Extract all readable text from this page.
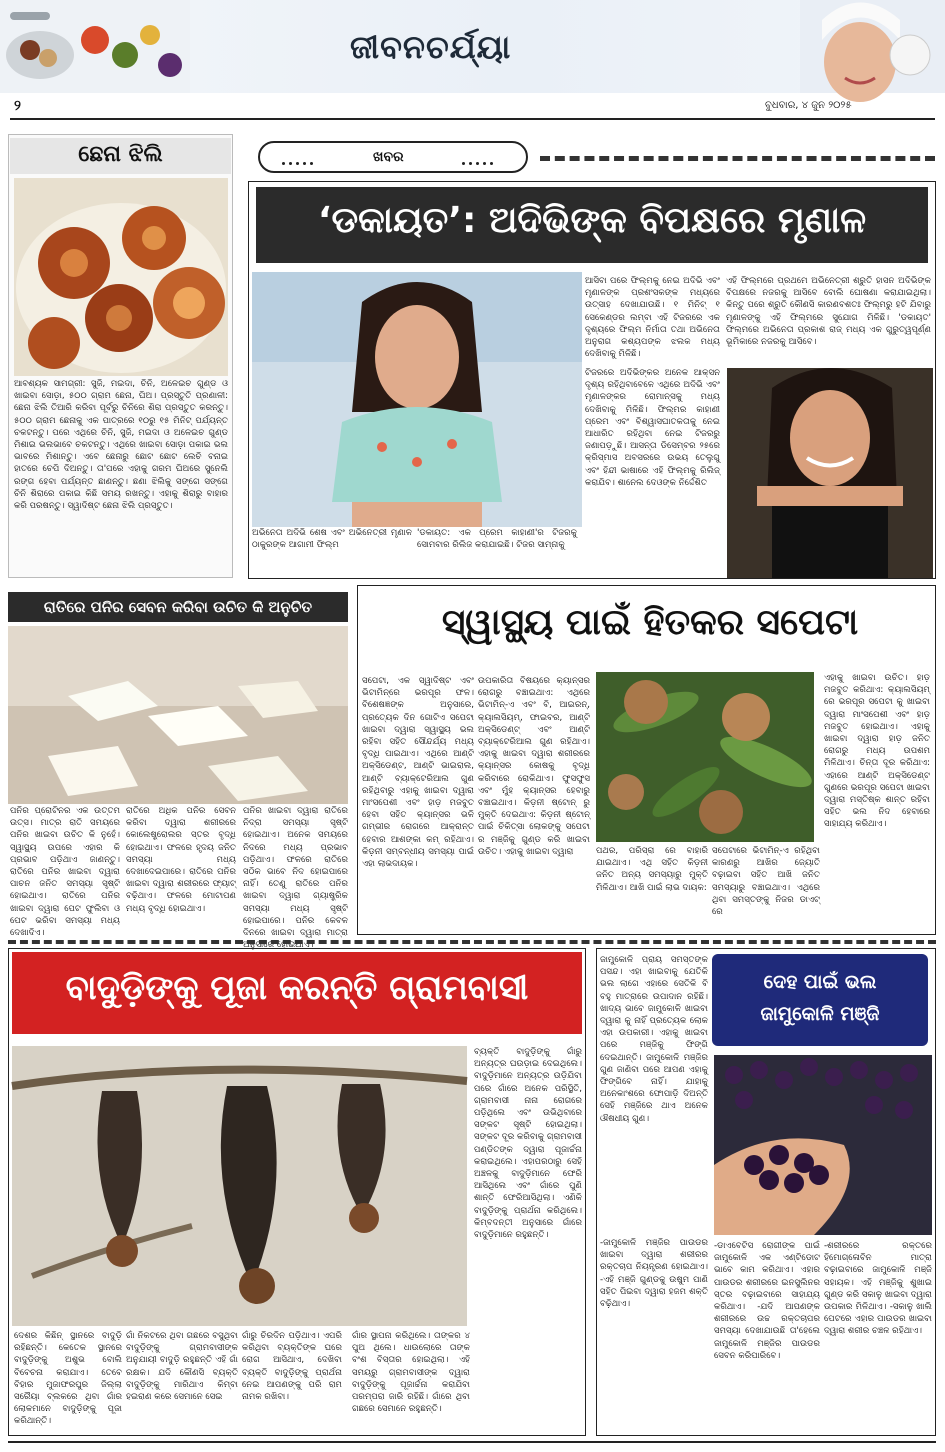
ଜୀବନଚର୍ଯ୍ୟା
୨	ବୁଧବାର, ୪ ଜୁନ ୨୦୨୫
ଛେନା ଝିଲି
ଆବଶ୍ୟକ ସାମଗ୍ରୀ: ସୁଜି, ମଇଦା, ଚିନି, ଅଳେଇଚ ଗୁଣ୍ଡ ଓ ଖାଇବା ସୋଡ଼ା, ୫୦୦ ଗ୍ରାମ ଛେନା, ଘିଅ। ପ୍ରସ୍ତୁତି ପ୍ରଣାଳୀ: ଛେନା ଝିଲି ତିଆରି କରିବା ପୂର୍ବରୁ ଚିନିରେ ଶିରା ପ୍ରସ୍ତୁତ କରନ୍ତୁ। ୫୦୦ ଗ୍ରାମ ଛେନାକୁ ଏକ ପାତ୍ରରେ ୧୦ରୁ ୧୫ ମିନିଟ୍ ପର୍ଯ୍ୟନ୍ତ ଚକଟନ୍ତୁ। ପରେ ଏଥିରେ ଚିନି, ସୁଜି, ମଇଦା ଓ ଅଳେଇଚ ଗୁଣ୍ଡ ମିଶାଇ ଭଲଭାବେ ଚକଟନ୍ତୁ। ଏଥିରେ ଖାଇବା ସୋଡ଼ା ପକାଇ ଭଲ ଭାବରେ ମିଶାନ୍ତୁ। ଏବେ ଛେନାରୁ ଛୋଟ ଛୋଟ ଲେଚି ବନାଇ ହାତରେ ଚେପି ଦିଅନ୍ତୁ। ତା'ପରେ ଏହାକୁ ଗରମ ଘିଅରେ ସୁନେଲି ରଙ୍ଗ ହେବା ପର୍ଯ୍ୟନ୍ତ ଛାଣନ୍ତୁ। ଛଣା ଝିଲିକୁ ସଙ୍ଗେ ସଙ୍ଗେ ଚିନି ଶିରାରେ ପକାଇ କିଛି ସମୟ ରଖନ୍ତୁ। ଏହାକୁ ଶିରାରୁ ବାହାର କରି ପରଷନ୍ତୁ। ସ୍ୱାଦିଷ୍ଟ ଛେନା ଝିଲି ପ୍ରସ୍ତୁତ।
ଖବର
‘ଡକାୟତ’: ଅଦିଭିଙ୍କ ବିପକ୍ଷରେ ମୃଣାଳ
ଅଭିନେତା ଅଦିଭି ଶେଷ ଏବଂ ଅଭିନେତ୍ରୀ ମୃଣାଳ ଠାକୁରଙ୍କ ଆଗାମୀ ଫିଲ୍ମ
'ଡକାୟତ: ଏକ ପ୍ରେମ କାହାଣୀ'ର ଟିଜରକୁ ସୋମବାର ରିଲିଜ କରାଯାଇଛି। ଟିଜର ସାମ୍ନାକୁ
ଆସିବା ପରେ ଫିଲ୍ମକୁ ନେଇ ଅଦିଭି ଏବଂ ମୃଣାଳଙ୍କ ପ୍ରଶଂସକଙ୍କ ମଧ୍ୟରେ ଉତ୍ସାହ ଦେଖାଯାଉଛି। ୧ ମିନିଟ୍ ୧ ସେକେଣ୍ଡର ଲମ୍ବା ଏହି ଟିଜରରେ ଏକ ଦୃଶ୍ୟରେ ଫିଲ୍ମ ନିର୍ମାତା ତଥା ଅଭିନେତା ଅନୁରାଗ କଶ୍ୟପଙ୍କ ଝଲକ ମଧ୍ୟ ଦେଖିବାକୁ ମିଳିଛି।
ଟିଜରରେ ଅଦିଭିଙ୍କର ଅନେକ ଆକ୍ସନ ଦୃଶ୍ୟ ରହିଥିବାବେଳେ ଏଥିରେ ଅଦିଭି ଏବଂ ମୃଣାଳଙ୍କର ରୋମାନ୍ସକୁ ମଧ୍ୟ ଦେଖିବାକୁ ମିଳିଛି। ଫିଲ୍ମର କାହାଣୀ ପ୍ରେମ ଏବଂ ବିଶ୍ୱାସଘାତକତାକୁ ନେଇ ଆଧାରିତ ରହିଥିବା ନେଇ ଟିଜରରୁ ଜଣାପଡ଼ୁଛି। ଆସନ୍ତା ଡିସେମ୍ବର ୨୫ରେ କ୍ରିସ୍ମାସ ଅବସରରେ ଉଭୟ ତେଲୁଗୁ ଏବଂ ହିନ୍ଦୀ ଭାଷାରେ ଏହି ଫିଲ୍ମକୁ ରିଲିଜ୍ କରାଯିବ। ଶାନେଲ ଦେଓଙ୍କ ନିର୍ଦ୍ଦେଶିତ
ଏହି ଫିଲ୍ମରେ ପ୍ରଥମେ ଅଭିନେତ୍ରୀ ଶ୍ରୁତି ହାସନ ଅଦିଭିଙ୍କ ବିପକ୍ଷରେ ନଜରକୁ ଆସିବେ ବୋଲି ଘୋଷଣା କରାଯାଇଥିଲା। କିନ୍ତୁ ପରେ ଶ୍ରୁତି କୌଣସି କାରଣବଶତଃ ଫିଲ୍ମରୁ ହଟି ଯିବାରୁ ମୃଣାଳଙ୍କୁ ଏହି ଫିଲ୍ମରେ ସୁଯୋଗ ମିଳିଛି। 'ଡକାୟତ' ଫିଲ୍ମରେ ଅଭିନେତା ପ୍ରକାଶ ରାଜ୍ ମଧ୍ୟ ଏକ ଗୁରୁତ୍ୱପୂର୍ଣ୍ଣ ଭୂମିକାରେ ନଜରକୁ ଆସିବେ।
ରାତିରେ ପନିର ସେବନ କରିବା ଉଚିତ କି ଅନୁଚିତ
ପନିର ପ୍ରୋଟିନର ଏକ ଉତ୍ତମ ଉତ୍ସ। ମାତ୍ର ରାତି ସମୟରେ ପନିର ଖାଇବା ଉଚିତ କି ନୁହେଁ। ସ୍ୱାସ୍ଥ୍ୟ ଉପରେ ଏହାର କି ପ୍ରଭାବ ପଡ଼ିଥାଏ ଜାଣନ୍ତୁ। ରାତିରେ ପନିର ଖାଇବା ଦ୍ୱାରା ପାଚନ ଜନିତ ସମସ୍ୟା ସୃଷ୍ଟି ହୋଇଥାଏ। ରାତିରେ ପନିର ଖାଇବା ଦ୍ୱାରା ପେଟ ଫୁଲିବା ଓ ପେଟ ଭରିବା ସମସ୍ୟା ମଧ୍ୟ ଦେଖାଦିଏ।
ରାତିରେ ଅଧିକ ପନିର ସେବନ କରିବା ଦ୍ୱାରା ଶରୀରରେ କୋଲେଷ୍ଟ୍ରୋଲର ସ୍ତର ବୃଦ୍ଧି ହୋଇଥାଏ। ଫଳରେ ହୃଦୟ ଜନିତ ସମସ୍ୟା ମଧ୍ୟ ଦେଖାଦେଇପାରେ। ରାତିରେ ପନିର ଖାଇବା ଦ୍ୱାରା ଶରୀରରେ ଫ୍ୟାଟ୍ ବଢ଼ିଥାଏ। ଫଳରେ ମୋଟାପଣ ମଧ୍ୟ ବୃଦ୍ଧି ହୋଇଥାଏ।
ପନିର ଖାଇବା ଦ୍ୱାରା ରାତିରେ ନିଦ୍ରା ସମସ୍ୟା ସୃଷ୍ଟି ହୋଇଥାଏ। ଅନେକ ସମୟରେ ନିଦରେ ମଧ୍ୟ ପ୍ରଭାବ ପଡ଼ିଥାଏ। ଫଳରେ ରାତିରେ ସଠିକ ଭାବେ ନିଦ ହୋଇପାରେ ନାହିଁ। ତେଣୁ ରାତିରେ ପନିର ଖାଇବା ଦ୍ୱାରା ଗ୍ୟାଷ୍ଟ୍ରିକ ସମସ୍ୟା ମଧ୍ୟ ସୃଷ୍ଟି ହୋଇପାରେ। ପନିର କେବଳ ଦିନରେ ଖାଇବା ଦ୍ୱାରା ମାତ୍ରା ଅନୁସାରେ ହୋଇଥାଏ।
ସ୍ୱାସ୍ଥ୍ୟ ପାଇଁ ହିତକର ସପେଟା
ସପେଟା, ଏକ ସ୍ୱାଦିଷ୍ଟ ଏବଂ ଭିଟାମିନ୍‌ରେ ଭରପୂର ଫଳ। ବିଶେଷଜ୍ଞଙ୍କ ଅନୁସାରେ, ପ୍ରତ୍ୟେକ ଦିନ ଗୋଟିଏ ସପେଟା ଖାଇବା ଦ୍ୱାରା ସ୍ୱାସ୍ଥ୍ୟ ଭଲ ରହିବା ସହିତ ସୌନ୍ଦର୍ଯ୍ୟ ମଧ୍ୟ ବୃଦ୍ଧି ପାଇଥାଏ। ଏଥିରେ ଆଣ୍ଟି ଅକ୍ସିଡେଣ୍ଟ, ଆଣ୍ଟି ଭାଇରାଲ, ଆଣ୍ଟି ବ୍ୟାକ୍ଟେରିଆଲ ଗୁଣ ରହିଥିବାରୁ ଏହାକୁ ଖାଇବା ଦ୍ୱାରା ମାଂସପେଶୀ ଏବଂ ହାଡ଼ ମଜବୁତ ହେବା ସହିତ କ୍ୟାନ୍ସର ଭଳି ଗମ୍ଭୀର ରୋଗରେ ଆକ୍ରାନ୍ତ ହେବାର ଆଶଙ୍କା କମ୍ ରହିଥାଏ। କିଡ଼ନୀ ସମ୍ବନ୍ଧୀୟ ସମସ୍ୟା ପାଇଁ ଏହା ଲାଭଦାୟକ।
ଉପକାରିତା ବିଷୟରେ କ୍ୟାନ୍ସର ରୋଗରୁ ବଞ୍ଚାଇଥାଏ: ଏଥିରେ ଭିଟାମିନ୍-ଏ ଏବଂ ବି, ଆଇରନ୍, କ୍ୟାଲସିୟମ୍, ଫାଇବର, ଆଣ୍ଟି ଅକ୍ସିଡେଣ୍ଟ୍ ଏବଂ ଆଣ୍ଟି ବ୍ୟାକ୍ଟେରିଆଲ ଗୁଣ ରହିଥାଏ। ଏହାକୁ ଖାଇବା ଦ୍ୱାରା ଶରୀରରେ କ୍ୟାନ୍ସର କୋଷକୁ ବୃଦ୍ଧି କରିବାରେ ରୋକିଥାଏ। ଫୁସଫୁସ ଏବଂ ମୁଁହ କ୍ୟାନ୍ସର ହେବାରୁ ବଞ୍ଚାଇଥାଏ। କିଡ଼ନୀ ଷ୍ଟୋନ୍ ରୁ ମୁକ୍ତି ଦେଇଥାଏ: କିଡ଼ନୀ ଷ୍ଟୋନ୍ ପାଇଁ ଚିକିତ୍ସା ଲୋକଙ୍କୁ ସପେଟା ର ମଞ୍ଜିକୁ ଗୁଣ୍ଡ କରି ଖାଇବା ଉଚିତ। ଏହାକୁ ଖାଇବା ଦ୍ୱାରା	ପଥର, ପରିସ୍ରା ରେ ବାହାରି ଯାଇଥାଏ। ଏଥି ସହିତ କିଡ଼ନୀ ଜନିତ ଅନ୍ୟ ସମସ୍ୟାରୁ ମୁକ୍ତି ମିଳିଥାଏ। ଆଖି ପାଇଁ ଲାଭ ଦାୟକ:
ସପେଟାରେ ଭିଟାମିନ୍-ଏ ରହିଥିବା କାରଣରୁ ଆଖିର ଜ୍ୟୋତି ବଢ଼ାଇବା ସହିତ ଆଖି ଜନିତ ସମସ୍ୟାରୁ ବଞ୍ଚାଇଥାଏ। ଏଥିରେ ଥିବା ସମସ୍ତଙ୍କୁ ନିଜର ଡାଏଟ୍ ରେ
ଏହାକୁ ଖାଇବା ଉଚିତ। ହାଡ଼ ମଜବୁତ କରିଥାଏ: କ୍ୟାଲସିୟମ୍ ରେ ଭରପୂର ସପେଟା କୁ ଖାଇବା ଦ୍ୱାରା ମାଂସପେଶୀ ଏବଂ ହାଡ଼ ମଜବୁତ ହୋଇଥାଏ। ଏହାକୁ ଖାଇବା ଦ୍ୱାରା ହାଡ଼ ଜନିତ ରୋଗରୁ ମଧ୍ୟ ଉପଶମ ମିଳିଥାଏ। ଚିନ୍ତା ଦୂର କରିଥାଏ: ଏହାରେ ଆଣ୍ଟି ଅକ୍ସିଡେଣ୍ଟ ଗୁଣରେ ଭରପୂର ସପେଟା ଖାଇବା ଦ୍ୱାରା ମସ୍ତିଷ୍କ ଶାନ୍ତ ରହିବା ସହିତ ଭଲ ନିଦ ହେବାରେ ସାହାଯ୍ୟ କରିଥାଏ।
ବାଦୁଡ଼ିଙ୍କୁ ପୂଜା କରନ୍ତି ଗ୍ରାମବାସୀ
ଦେଶର କିଛିନ୍ ସ୍ଥାନରେ ବାଦୁଡ଼ି ରହିଛନ୍ତି। କେତେକ ସ୍ଥାନରେ ବାଦୁଡ଼ିଙ୍କୁ ଅଶୁଭ ବୋଲି ବିବେଚନା କରାଯାଏ। ତେବେ ବିହାର ମୁଜାଫରପୁର ଜିଲ୍ଲା ସରୈୟା ବ୍ଲକରେ ଥିବା ଗାଁର ଲୋକମାନେ ବାଦୁଡ଼ିଙ୍କୁ ପୂଜା କରିଥାନ୍ତି।
ଗାଁ ନିକଟରେ ଥିବା ଗଛରେ ବସୁଥିବା ବାଦୁଡ଼ିଙ୍କୁ ଗ୍ରାମବାସୀଙ୍କ ଅନୁଯାୟୀ ବାଦୁଡ଼ି ରହୁଛନ୍ତି ଏହି ଗାଁ ରକ୍ଷକ। ଯଦି କୌଣସି ବ୍ୟକ୍ତି ବାଦୁଡ଼ିଙ୍କୁ ମାରିଥାଏ କିମ୍ବା ହଇରାଣ କରେ ସେମାନେ ସେଇ
ଗାଁରୁ ଚିରଦିନ ପଡ଼ିଥାଏ। ଏପରି କରିଥିବା ବ୍ୟକ୍ତିଙ୍କ ଘରେ ରୋଗ ଆସିଥାଏ, ଦେଖିବା ବ୍ୟକ୍ତି ବାଦୁଡ଼ିଙ୍କୁ ପ୍ରାର୍ଥନା ନେଇ ଆପଣଙ୍କୁ ପରି ରାମ ନାମକ ରଖିବା।
ଗାଁର ସ୍ଥାପନା କରିଥିଲେ। ତାଙ୍କର ୪ ପୁଅ ଥିଲେ। ଧାଉଲୋରେ ତାଙ୍କ ବଂଶ ବିସ୍ତାର ହୋଇଥିଲା। ଏହି ସମୟରୁ ଗ୍ରାମବାସୀଙ୍କ ଦ୍ୱାରା ବାଦୁଡ଼ିଙ୍କୁ ପୂଜାର୍ଚ୍ଚନା କରାଯିବା ପରମ୍ପରା ଜାରି ରହିଛି। ଗାଁରେ ଥିବା ଗଛରେ ସେମାନେ ରହୁଛନ୍ତି।
ବ୍ୟକ୍ତି ବାଦୁଡ଼ିଙ୍କୁ ଗାଁରୁ ଅନ୍ୟତ୍ର ଘଉଡ଼ାଇ ଦେଇଥିଲେ। ବାଦୁଡ଼ିମାନେ ଅନ୍ୟତ୍ର ଉଡ଼ିଯିବା ପରେ ଗାଁରେ ଅନେକ ପରିସ୍ଥିତି, ଗ୍ରାମବାସୀ ନାନା ରୋଗରେ ପଡ଼ିଥିଲେ ଏବଂ ଉଭିଥିବାରେ ସଙ୍କଟ ସୃଷ୍ଟି ହୋଇଥିଲା। ସଙ୍କଟ ଦୂର କରିବାକୁ ଗ୍ରାମବାସୀ ପଣ୍ଡିତଙ୍କ ଦ୍ୱାରା ପୂଜାର୍ଚ୍ଚନା କରାଇଥିଲେ। ଏହାପରଠାରୁ ସେହି ଅଞ୍ଚଳକୁ ବାଦୁଡ଼ିମାନେ ଫେରି ଆସିଥିଲେ ଏବଂ ଗାଁରେ ପୁଣି ଶାନ୍ତି ଫେରିଆସିଥିଲା। ଏଣିକି ବାଦୁଡ଼ିଙ୍କୁ ପ୍ରାର୍ଥନା କରିଥିଲେ। କିମ୍ବଦନ୍ତୀ ଅନୁସାରେ ଗାଁରେ ବାଦୁଡ଼ିମାନେ ରହୁଛନ୍ତି।
ଦେହ ପାଇଁ ଭଲ
ଜାମୁକୋଳି ମଞ୍ଜି
ଜାମୁକୋଳି ପ୍ରାୟ ସମସ୍ତଙ୍କ ପସନ୍ଦ। ଏହା ଖାଇବାକୁ ଯେତିକି ଭଲ ଲାଗେ ଏହାରେ ସେତିକି ବି ବହୁ ମାତ୍ରାରେ ଉପାଦାନ ରହିଛି। ଖାଦ୍ୟ ଭାବେ ଜାମୁକୋଳି ଖାଇବା ଦ୍ୱାରା କୁ ନାହିଁ ପ୍ରତ୍ୟେକ ଲୋକ ଏହା ଉପକାରୀ। ଏହାକୁ ଖାଇବା ପରେ ମଞ୍ଜିକୁ ଫିଙ୍ଗି ଦେଇଥାନ୍ତି। ଜାମୁକୋଳି ମଞ୍ଜିର ଗୁଣ ଜାଣିବା ପରେ ଆପଣ ଏହାକୁ ଫିଙ୍ଗିବେ ନାହିଁ। ଯାହାକୁ ଅନେକାଂଶରେ ଫୋପାଡ଼ି ଦିଅନ୍ତି ସେହି ମଞ୍ଜିରେ ଥାଏ ଅନେକ ଔଷଧୀୟ ଗୁଣ।
-ଜାମୁକୋଳି ମଞ୍ଜିର ପାଉଡର ଖାଇବା ଦ୍ୱାରା ଶରୀରର ରକ୍ତଚାପ ନିୟନ୍ତ୍ରଣ ହୋଇଥାଏ। -ଏହି ମଞ୍ଜି ଗୁଣ୍ଡକୁ ଉଷୁମ ପାଣି ସହିତ ପିଇବା ଦ୍ୱାରା ହଜମ ଶକ୍ତି ବଢ଼ିଥାଏ।
-ଡାଏବେଟିସ ରୋଗୀଙ୍କ ପାଇଁ ଜାମୁକୋଳି ଏକ ଏଣ୍ଟିଡୋଟ ଭାବେ କାମ କରିଥାଏ। ଏହାର ପାଉଡର ଶରୀରରେ ଇନସୁଲିନର ସ୍ତର ବଢ଼ାଇବାରେ ସାହାଯ୍ୟ କରିଥାଏ। -ଯଦି ଆପଣଙ୍କ ଶରୀରରେ ଉଚ୍ଚ ରକ୍ତଚାପର ସମସ୍ୟା ଦେଖାଯାଉଛି ତା'ହେଲେ ଜାମୁକୋଳି ମଞ୍ଜିର ପାଉଡର ସେବନ କରିପାରିବେ।
-ଶରୀରରେ ରକ୍ତରେ ହିମୋଗ୍ଳୋବିନ ମାତ୍ରା ବଢ଼ାଇବାରେ ଜାମୁକୋଳି ମଞ୍ଜି ସହାୟକ। ଏହି ମଞ୍ଜିକୁ ଶୁଖାଇ ଗୁଣ୍ଡ କରି ସକାଳୁ ଖାଇବା ଦ୍ୱାରା ଉପକାର ମିଳିଥାଏ। -ସକାଳୁ ଖାଲି ପେଟରେ ଏହାର ପାଉଡର ଖାଇବା ଦ୍ୱାରା ଶରୀର ଚଞ୍ଚଳ ରହିଥାଏ।
